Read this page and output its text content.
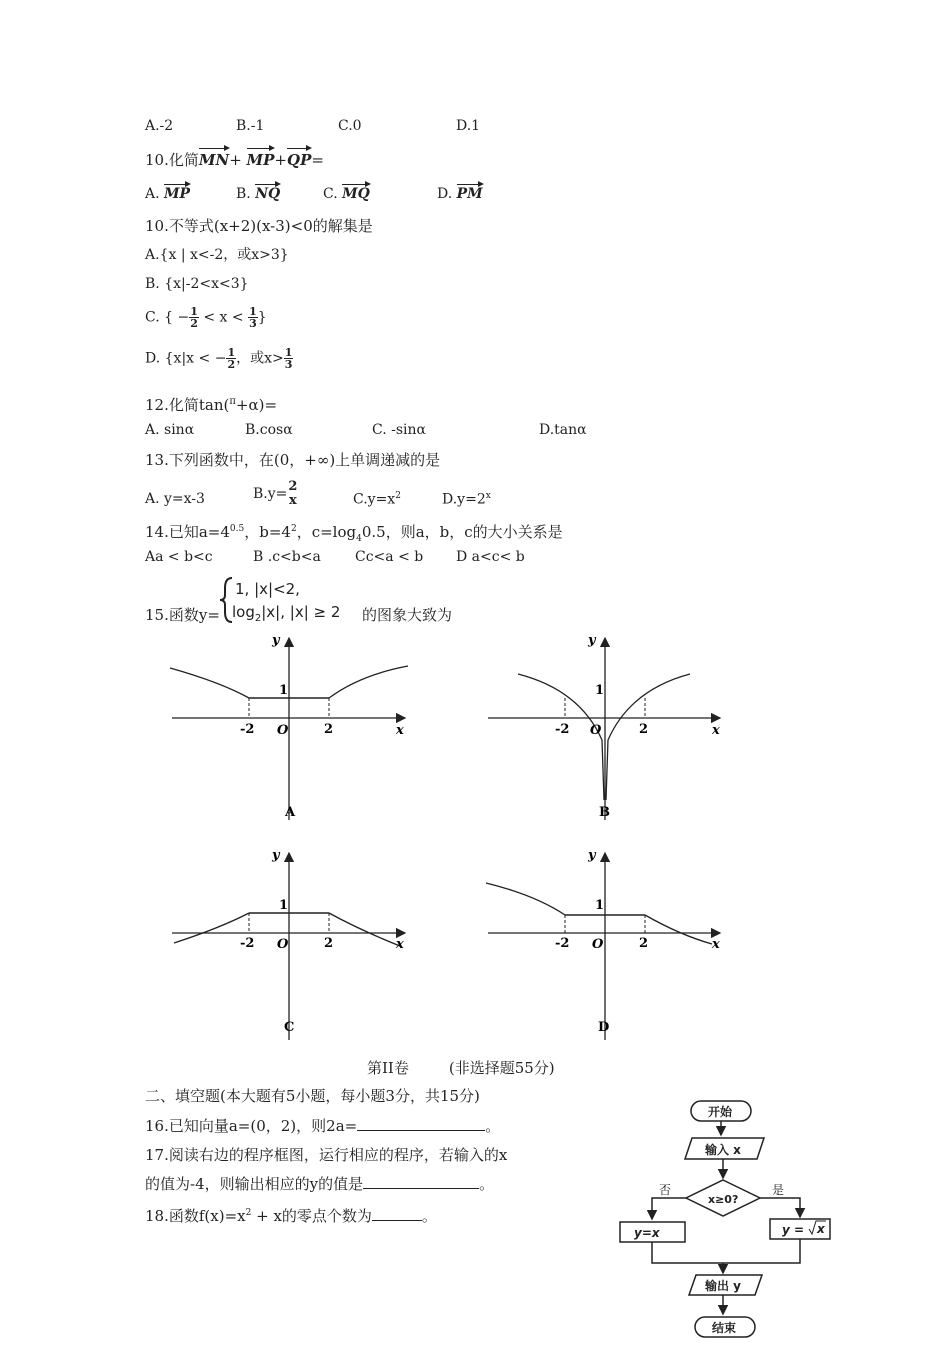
A.-2	B.-1	C.0	D.1
10.化简MN+ MP+QP=
A. MP	B. NQ	C. MQ	D. PM
10.不等式(x+2)(x-3)<0的解集是
A.{x | x<-2，或x>3}
B. {x|-2<x<3}
C. { − $\frac{1}{2} < x < \frac{1}{3}$ }
D. {x|x < − $\frac{1}{2}$ ，或$x> \frac{1}{3}$
12.化简tan($^\pi$+α)=
A. sinα	B.cosα	C. -sinα	D.tanα
13.下列函数中，在(0，+∞)上单调递减的是
A. y=x-3	B.y= 2
x	$C.y=x^2$	$D.y=2^x$
14.已知$a=4^{0.5}$，$b=4^2$，$c=\log_40.5$，则a，b，c的大小关系是
Aa < b<c	B .c<b<a Cc<a < b D a<c< b
15.函数y=
1, |x|<2,
$\log_2|x|$, |x| ≥ 2 的图象大致为
y
x
O
-2	2
1
A
y
x
O
-2	2
1
B
y
x
O
-2	2
1
C
y
x
O
-2	2
1
D
第II卷	(非选择题55分)
二、填空题(本大题有5小题，每小题3分，共15分)
16.已知向量a=(0，2)，则2a=	。
17.阅读右边的程序框图，运行相应的程序，若输入的x
的值为-4，则输出相应的y的值是	。
18.函数$f(x)=x^2 + x$的零点个数为	。
开始
输入 x
x≥0?
否	是
y=x	y = x
输出 y
结束
